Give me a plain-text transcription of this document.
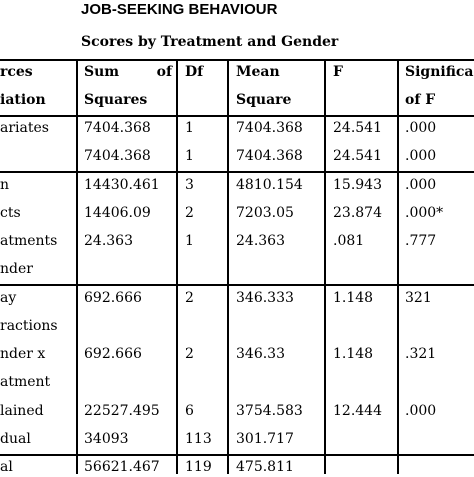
JOB-SEEKING BEHAVIOUR
Scores by Treatment and Gender
rces
iation
Sum	of
Squares
Df Mean
Square
F	Significa
of F
ariates	7404.368 1	7404.368 24.541 .000
7404.368 1	7404.368 24.541 .000
n	14430.461 3	4810.154 15.943 .000
cts	14406.09 2	7203.05	23.874 .000*
atments 24.363	1	24.363	.081	.777
nder
ay	692.666	2	346.333	1.148 321
ractions
nder x	692.666	2	346.33	1.148 .321
atment
lained	22527.495 6	3754.583 12.444 .000
dual	34093	113 301.717
al	56621.467 119 475.811
